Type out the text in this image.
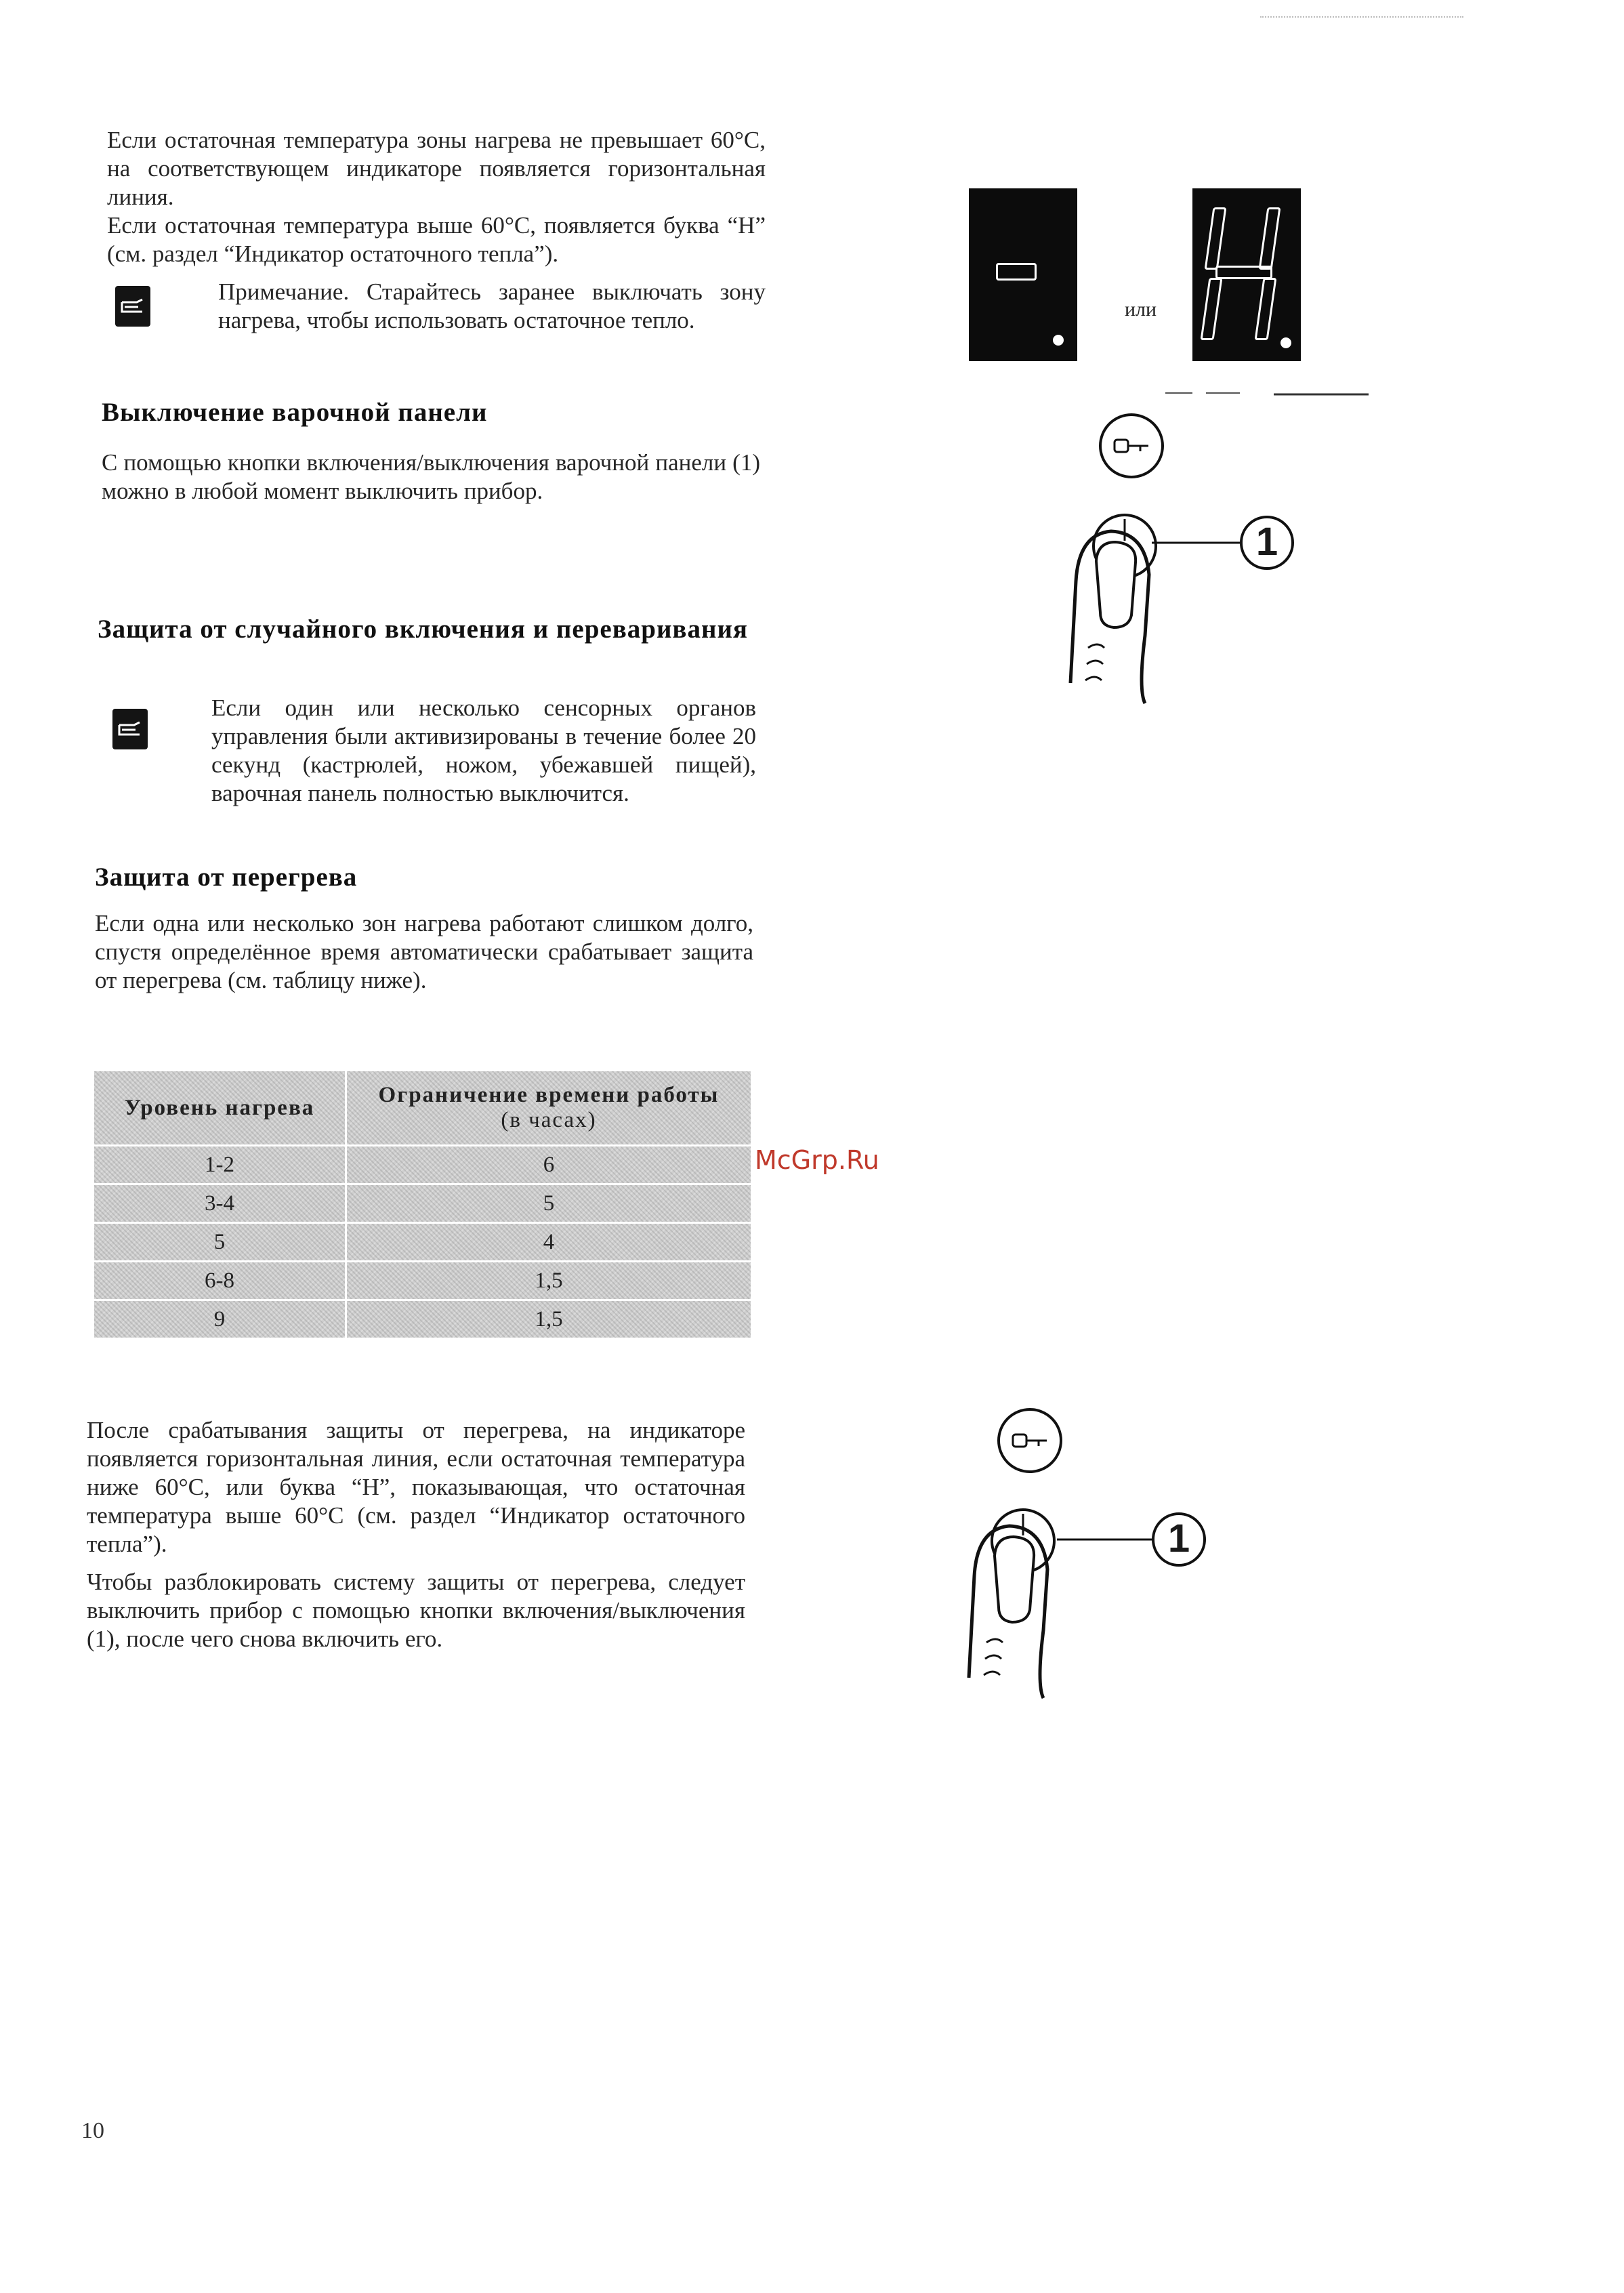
Если остаточная температура зоны нагрева не превышает 60°C, на соответствующем индикаторе появляется горизонтальная линия.

Если остаточная температура выше 60°C, появляется буква “H” (см. раздел “Индикатор остаточного тепла”).

Примечание. Старайтесь заранее выключать зону нагрева, чтобы использовать остаточное тепло.
Выключение варочной панели
С помощью кнопки включения/выключения варочной панели (1) можно в любой момент выключить прибор.
Защита от случайного включения и переваривания
Если один или несколько сенсорных органов управления были активизированы в течение более 20 секунд (кастрюлей, ножом, убежавшей пищей), варочная панель полностью выключится.
Защита от перегрева
Если одна или несколько зон нагрева работают слишком долго, спустя определённое время автоматически срабатывает защита от перегрева (см. таблицу ниже).
Уровень нагрева	Ограничение времени работы
(в часах)

1-2	6
3-4	5
5	4
6-8	1,5
9	1,5
McGrp.Ru

После срабатывания защиты от перегрева, на индикаторе появляется горизонтальная линия, если остаточная температура ниже 60°C, или буква “H”, показывающая, что остаточная температура выше 60°C (см. раздел “Индикатор остаточного тепла”).

Чтобы разблокировать систему защиты от перегрева, следует выключить прибор с помощью кнопки включения/выключения (1), после чего снова включить его.

10
или
1
1
